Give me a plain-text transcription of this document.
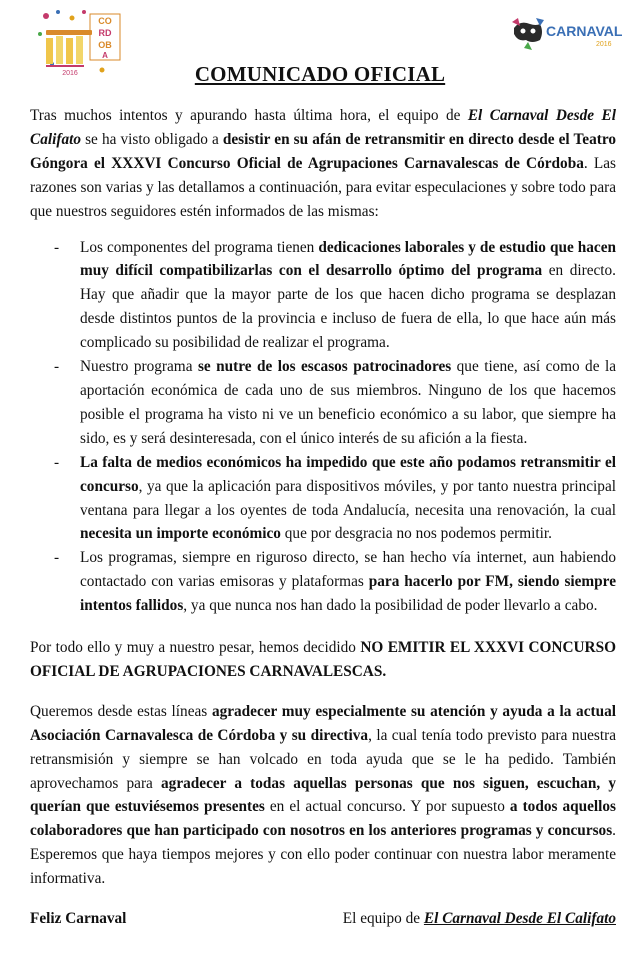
CO
RD
OB
A
2016
CARNAVAL
2016
COMUNICADO OFICIAL

Tras muchos intentos y apurando hasta última hora, el equipo de El Carnaval Desde El Califato se ha visto obligado a desistir en su afán de retransmitir en directo desde el Teatro Góngora el XXXVI Concurso Oficial de Agrupaciones Carnavalescas de Córdoba. Las razones son varias y las detallamos a continuación, para evitar especulaciones y sobre todo para que nuestros seguidores estén informados de las mismas:

- Los componentes del programa tienen dedicaciones laborales y de estudio que hacen muy difícil compatibilizarlas con el desarrollo óptimo del programa en directo. Hay que añadir que la mayor parte de los que hacen dicho programa se desplazan desde distintos puntos de la provincia e incluso de fuera de ella, lo que hace aún más complicado su posibilidad de realizar el programa.
- Nuestro programa se nutre de los escasos patrocinadores que tiene, así como de la aportación económica de cada uno de sus miembros. Ninguno de los que hacemos posible el programa ha visto ni ve un beneficio económico a su labor, que siempre ha sido, es y será desinteresada, con el único interés de su afición a la fiesta.
- La falta de medios económicos ha impedido que este año podamos retransmitir el concurso, ya que la aplicación para dispositivos móviles, y por tanto nuestra principal ventana para llegar a los oyentes de toda Andalucía, necesita una renovación, la cual necesita un importe económico que por desgracia no nos podemos permitir.
- Los programas, siempre en riguroso directo, se han hecho vía internet, aun habiendo contactado con varias emisoras y plataformas para hacerlo por FM, siendo siempre intentos fallidos, ya que nunca nos han dado la posibilidad de poder llevarlo a cabo.

Por todo ello y muy a nuestro pesar, hemos decidido NO EMITIR EL XXXVI CONCURSO OFICIAL DE AGRUPACIONES CARNAVALESCAS.

Queremos desde estas líneas agradecer muy especialmente su atención y ayuda a la actual Asociación Carnavalesca de Córdoba y su directiva, la cual tenía todo previsto para nuestra retransmisión y siempre se han volcado en toda ayuda que se le ha pedido. También aprovechamos para agradecer a todas aquellas personas que nos siguen, escuchan, y querían que estuviésemos presentes en el actual concurso. Y por supuesto a todos aquellos colaboradores que han participado con nosotros en los anteriores programas y concursos. Esperemos que haya tiempos mejores y con ello poder continuar con nuestra labor meramente informativa.

Feliz Carnaval	El equipo de El Carnaval Desde El Califato
